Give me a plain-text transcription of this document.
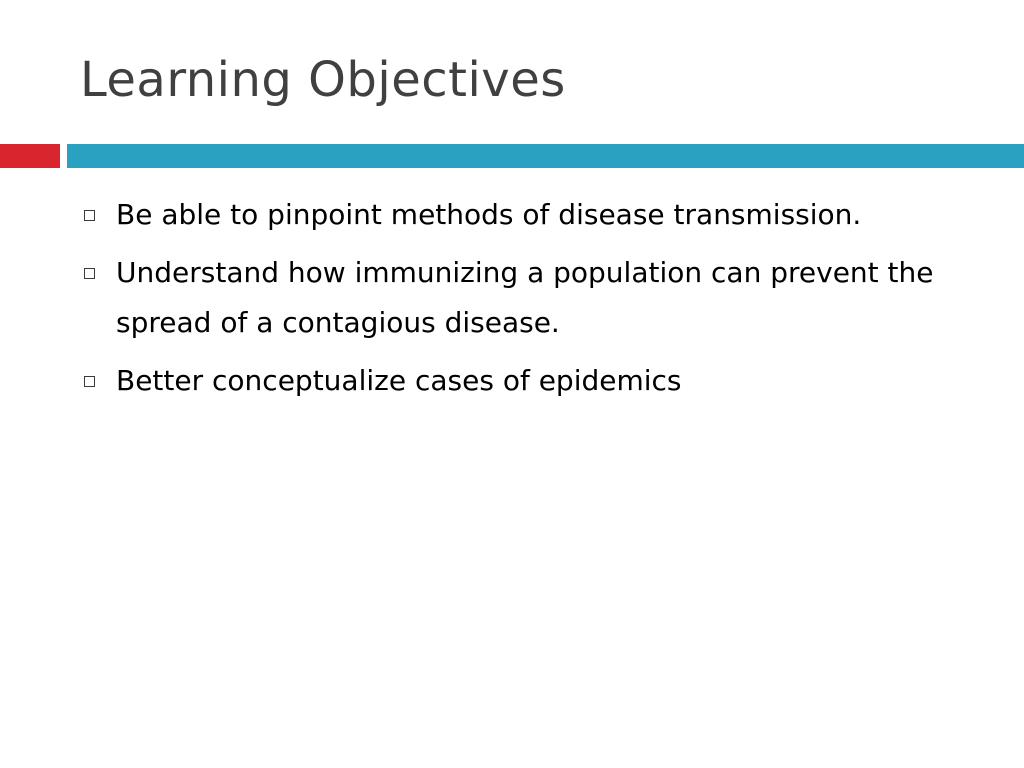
Learning Objectives
Be able to pinpoint methods of disease transmission.
Understand how immunizing a population can prevent the spread of a contagious disease.
Better conceptualize cases of epidemics
